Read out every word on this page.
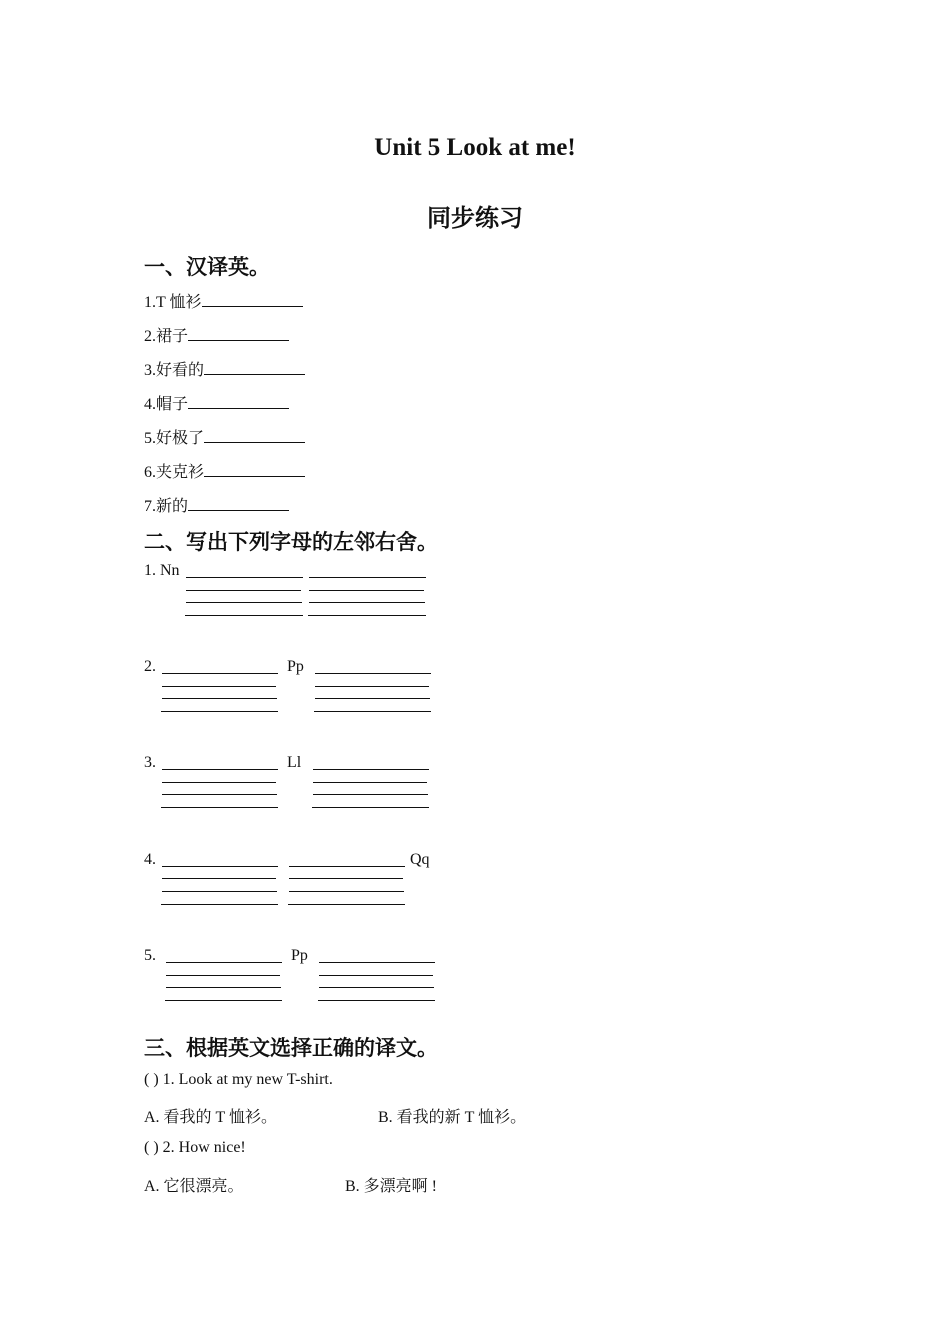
Unit 5 Look at me!
同步练习
一、汉译英。
1.T 恤衫
2.裙子
3.好看的
4.帽子
5.好极了
6.夹克衫
7.新的
二、写出下列字母的左邻右舍。
1. Nn
2.	Pp
3.	Ll
4.	Qq
5.	Pp
三、根据英文选择正确的译文。
( ) 1. Look at my new T-shirt.
A. 看我的 T 恤衫。	B. 看我的新 T 恤衫。
( ) 2. How nice!
A. 它很漂亮。	B. 多漂亮啊 !
